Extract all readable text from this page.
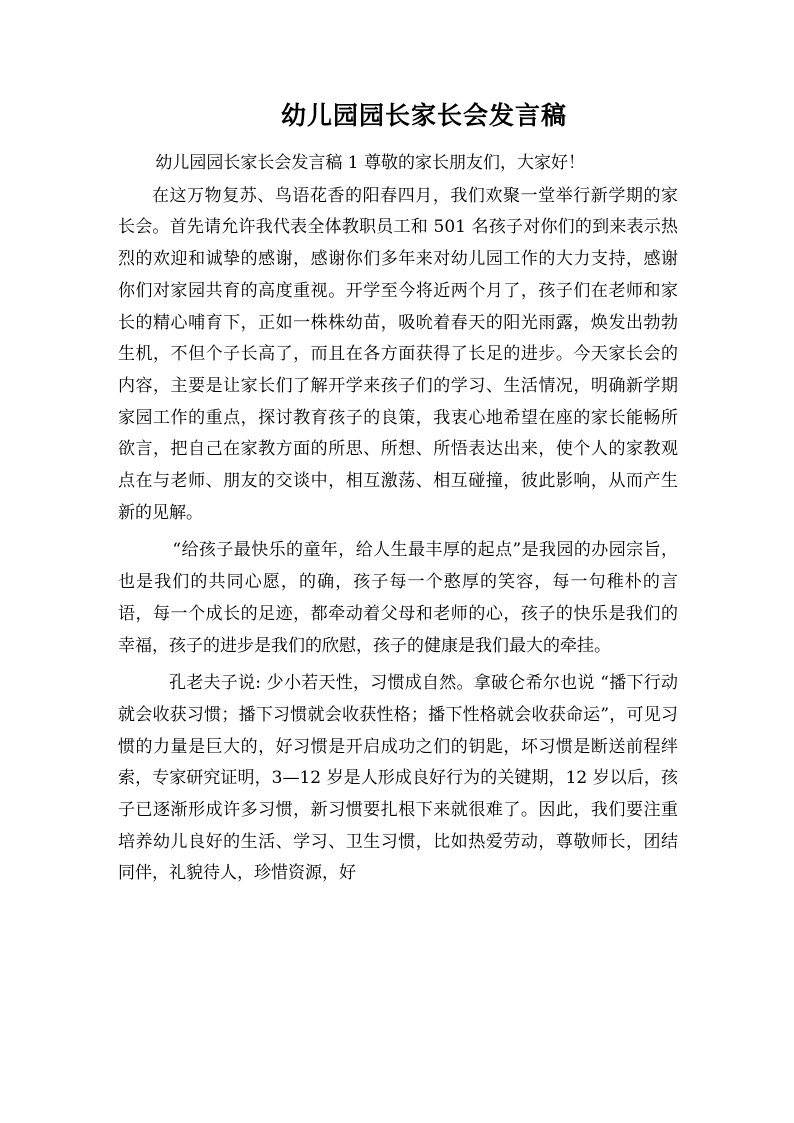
幼儿园园长家长会发言稿

幼儿园园长家长会发言稿 1 尊敬的家长朋友们，大家好！

在这万物复苏、鸟语花香的阳春四月，我们欢聚一堂举行新学期的家长会。首先请允许我代表全体教职员工和 501 名孩子对你们的到来表示热烈的欢迎和诚挚的感谢，感谢你们多年来对幼儿园工作的大力支持，感谢你们对家园共育的高度重视。开学至今将近两个月了，孩子们在老师和家长的精心哺育下，正如一株株幼苗，吸吮着春天的阳光雨露，焕发出勃勃生机，不但个子长高了，而且在各方面获得了长足的进步。今天家长会的内容，主要是让家长们了解开学来孩子们的学习、生活情况，明确新学期家园工作的重点，探讨教育孩子的良策，我衷心地希望在座的家长能畅所欲言，把自己在家教方面的所思、所想、所悟表达出来，使个人的家教观点在与老师、朋友的交谈中，相互激荡、相互碰撞，彼此影响，从而产生新的见解。

“给孩子最快乐的童年，给人生最丰厚的起点”是我园的办园宗旨，也是我们的共同心愿，的确，孩子每一个憨厚的笑容，每一句稚朴的言语，每一个成长的足迹，都牵动着父母和老师的心，孩子的快乐是我们的幸福，孩子的进步是我们的欣慰，孩子的健康是我们最大的牵挂。

孔老夫子说: 少小若天性，习惯成自然。拿破仑希尔也说 “播下行动就会收获习惯；播下习惯就会收获性格；播下性格就会收获命运”，可见习惯的力量是巨大的，好习惯是开启成功之们的钥匙，坏习惯是断送前程绊索，专家研究证明，3—12 岁是人形成良好行为的关键期，12 岁以后，孩子已逐渐形成许多习惯，新习惯要扎根下来就很难了。因此，我们要注重培养幼儿良好的生活、学习、卫生习惯，比如热爱劳动，尊敬师长，团结同伴，礼貌待人，珍惜资源，好
